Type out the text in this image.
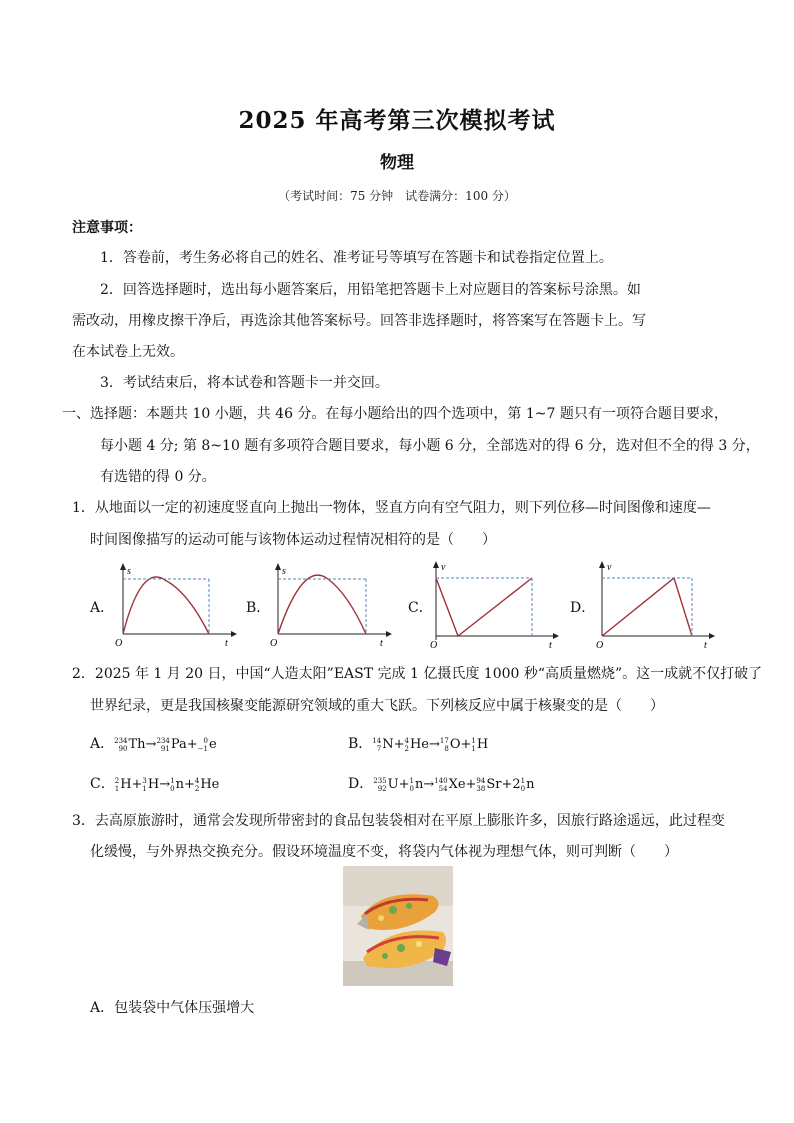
2025 年高考第三次模拟考试
物理
（考试时间：75 分钟　试卷满分：100 分）
注意事项：
1．答卷前，考生务必将自己的姓名、准考证号等填写在答题卡和试卷指定位置上。
2．回答选择题时，选出每小题答案后，用铅笔把答题卡上对应题目的答案标号涂黑。如
需改动，用橡皮擦干净后，再选涂其他答案标号。回答非选择题时，将答案写在答题卡上。写
在本试卷上无效。
3．考试结束后，将本试卷和答题卡一并交回。
一、选择题：本题共 10 小题，共 46 分。在每小题给出的四个选项中，第 1~7 题只有一项符合题目要求，
每小题 4 分; 第 8~10 题有多项符合题目要求，每小题 6 分，全部选对的得 6 分，选对但不全的得 3 分，
有选错的得 0 分。
1．从地面以一定的初速度竖直向上抛出一物体，竖直方向有空气阻力，则下列位移—时间图像和速度—
时间图像描写的运动可能与该物体运动过程情况相符的是（　　）
A．	B．	C．	D．
s
t
O
s
t
O
v
t
O
v
t
O
2．2025 年 1 月 20 日，中国“人造太阳”EAST 完成 1 亿摄氏度 1000 秒“高质量燃烧”。这一成就不仅打破了
世界纪录，更是我国核聚变能源研究领域的重大飞跃。下列核反应中属于核聚变的是（　　）
A．234
90Th→234
91Pa+ 0
−1e	B．14
7N+4
2He→17
8O+1
1H
C．2
1H+3
1H→1
0n+4
2He	D．235
92U+1
0n→140
54Xe+94
38Sr+21
0n
3．去高原旅游时，通常会发现所带密封的食品包装袋相对在平原上膨胀许多，因旅行路途遥远，此过程变
化缓慢，与外界热交换充分。假设环境温度不变，将袋内气体视为理想气体，则可判断（　　）
A．包装袋中气体压强增大
